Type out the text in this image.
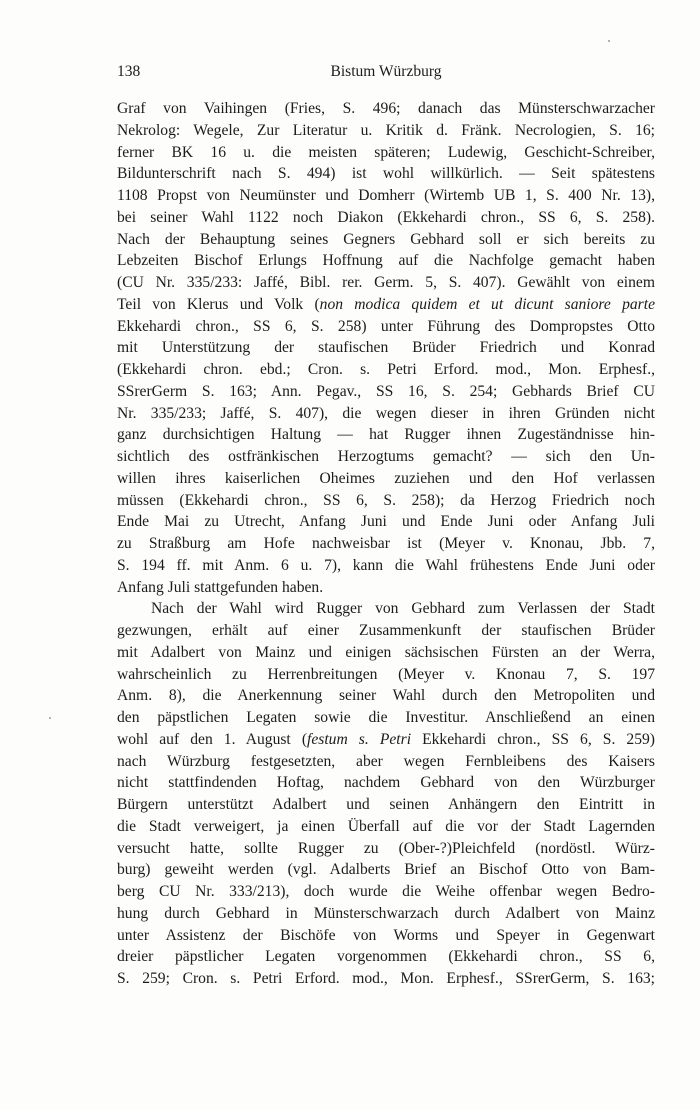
138	Bistum Würzburg
Graf von Vaihingen (Fries, S. 496; danach das Münsterschwarzacher
Nekrolog: Wegele, Zur Literatur u. Kritik d. Fränk. Necrologien, S. 16;
ferner BK 16 u. die meisten späteren; Ludewig, Geschicht-Schreiber,
Bildunterschrift nach S. 494) ist wohl willkürlich. — Seit spätestens
1108 Propst von Neumünster und Domherr (Wirtemb UB 1, S. 400 Nr. 13),
bei seiner Wahl 1122 noch Diakon (Ekkehardi chron., SS 6, S. 258).
Nach der Behauptung seines Gegners Gebhard soll er sich bereits zu
Lebzeiten Bischof Erlungs Hoffnung auf die Nachfolge gemacht haben
(CU Nr. 335/233: Jaffé, Bibl. rer. Germ. 5, S. 407). Gewählt von einem
Teil von Klerus und Volk (non modica quidem et ut dicunt saniore parte
Ekkehardi chron., SS 6, S. 258) unter Führung des Dompropstes Otto
mit Unterstützung der staufischen Brüder Friedrich und Konrad
(Ekkehardi chron. ebd.; Cron. s. Petri Erford. mod., Mon. Erphesf.,
SSrerGerm S. 163; Ann. Pegav., SS 16, S. 254; Gebhards Brief CU
Nr. 335/233; Jaffé, S. 407), die wegen dieser in ihren Gründen nicht
ganz durchsichtigen Haltung — hat Rugger ihnen Zugeständnisse hin-
sichtlich des ostfränkischen Herzogtums gemacht? — sich den Un-
willen ihres kaiserlichen Oheimes zuziehen und den Hof verlassen
müssen (Ekkehardi chron., SS 6, S. 258); da Herzog Friedrich noch
Ende Mai zu Utrecht, Anfang Juni und Ende Juni oder Anfang Juli
zu Straßburg am Hofe nachweisbar ist (Meyer v. Knonau, Jbb. 7,
S. 194 ff. mit Anm. 6 u. 7), kann die Wahl frühestens Ende Juni oder
Anfang Juli stattgefunden haben.
Nach der Wahl wird Rugger von Gebhard zum Verlassen der Stadt
gezwungen, erhält auf einer Zusammenkunft der staufischen Brüder
mit Adalbert von Mainz und einigen sächsischen Fürsten an der Werra,
wahrscheinlich zu Herrenbreitungen (Meyer v. Knonau 7, S. 197
Anm. 8), die Anerkennung seiner Wahl durch den Metropoliten und
den päpstlichen Legaten sowie die Investitur. Anschließend an einen
wohl auf den 1. August (festum s. Petri Ekkehardi chron., SS 6, S. 259)
nach Würzburg festgesetzten, aber wegen Fernbleibens des Kaisers
nicht stattfindenden Hoftag, nachdem Gebhard von den Würzburger
Bürgern unterstützt Adalbert und seinen Anhängern den Eintritt in
die Stadt verweigert, ja einen Überfall auf die vor der Stadt Lagernden
versucht hatte, sollte Rugger zu (Ober-?)Pleichfeld (nordöstl. Würz-
burg) geweiht werden (vgl. Adalberts Brief an Bischof Otto von Bam-
berg CU Nr. 333/213), doch wurde die Weihe offenbar wegen Bedro-
hung durch Gebhard in Münsterschwarzach durch Adalbert von Mainz
unter Assistenz der Bischöfe von Worms und Speyer in Gegenwart
dreier päpstlicher Legaten vorgenommen (Ekkehardi chron., SS 6,
S. 259; Cron. s. Petri Erford. mod., Mon. Erphesf., SSrerGerm, S. 163;
